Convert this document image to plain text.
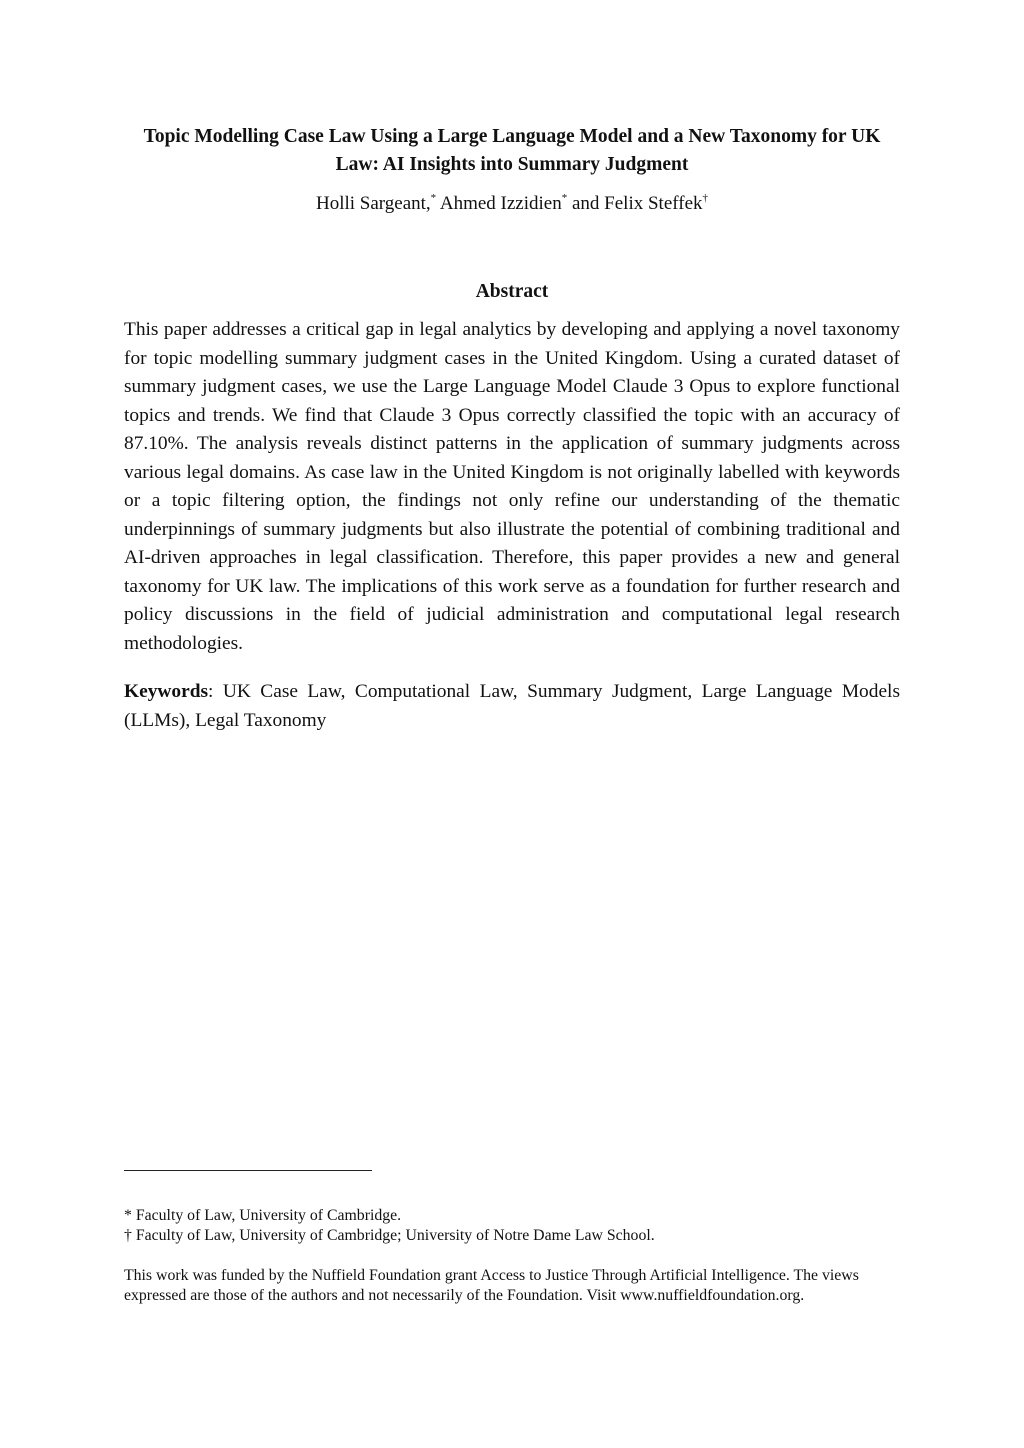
Topic Modelling Case Law Using a Large Language Model and a New Taxonomy for UK Law: AI Insights into Summary Judgment

Holli Sargeant,* Ahmed Izzidien* and Felix Steffek†

Abstract

This paper addresses a critical gap in legal analytics by developing and applying a novel taxonomy for topic modelling summary judgment cases in the United Kingdom. Using a curated dataset of summary judgment cases, we use the Large Language Model Claude 3 Opus to explore functional topics and trends. We find that Claude 3 Opus correctly classified the topic with an accuracy of 87.10%. The analysis reveals distinct patterns in the application of summary judgments across various legal domains. As case law in the United Kingdom is not originally labelled with keywords or a topic filtering option, the findings not only refine our understanding of the thematic underpinnings of summary judgments but also illustrate the potential of combining traditional and AI-driven approaches in legal classification. Therefore, this paper provides a new and general taxonomy for UK law. The implications of this work serve as a foundation for further research and policy discussions in the field of judicial administration and computational legal research methodologies.

Keywords: UK Case Law, Computational Law, Summary Judgment, Large Language Models (LLMs), Legal Taxonomy

* Faculty of Law, University of Cambridge.

† Faculty of Law, University of Cambridge; University of Notre Dame Law School.

This work was funded by the Nuffield Foundation grant Access to Justice Through Artificial Intelligence. The views expressed are those of the authors and not necessarily of the Foundation. Visit www.nuffieldfoundation.org.
